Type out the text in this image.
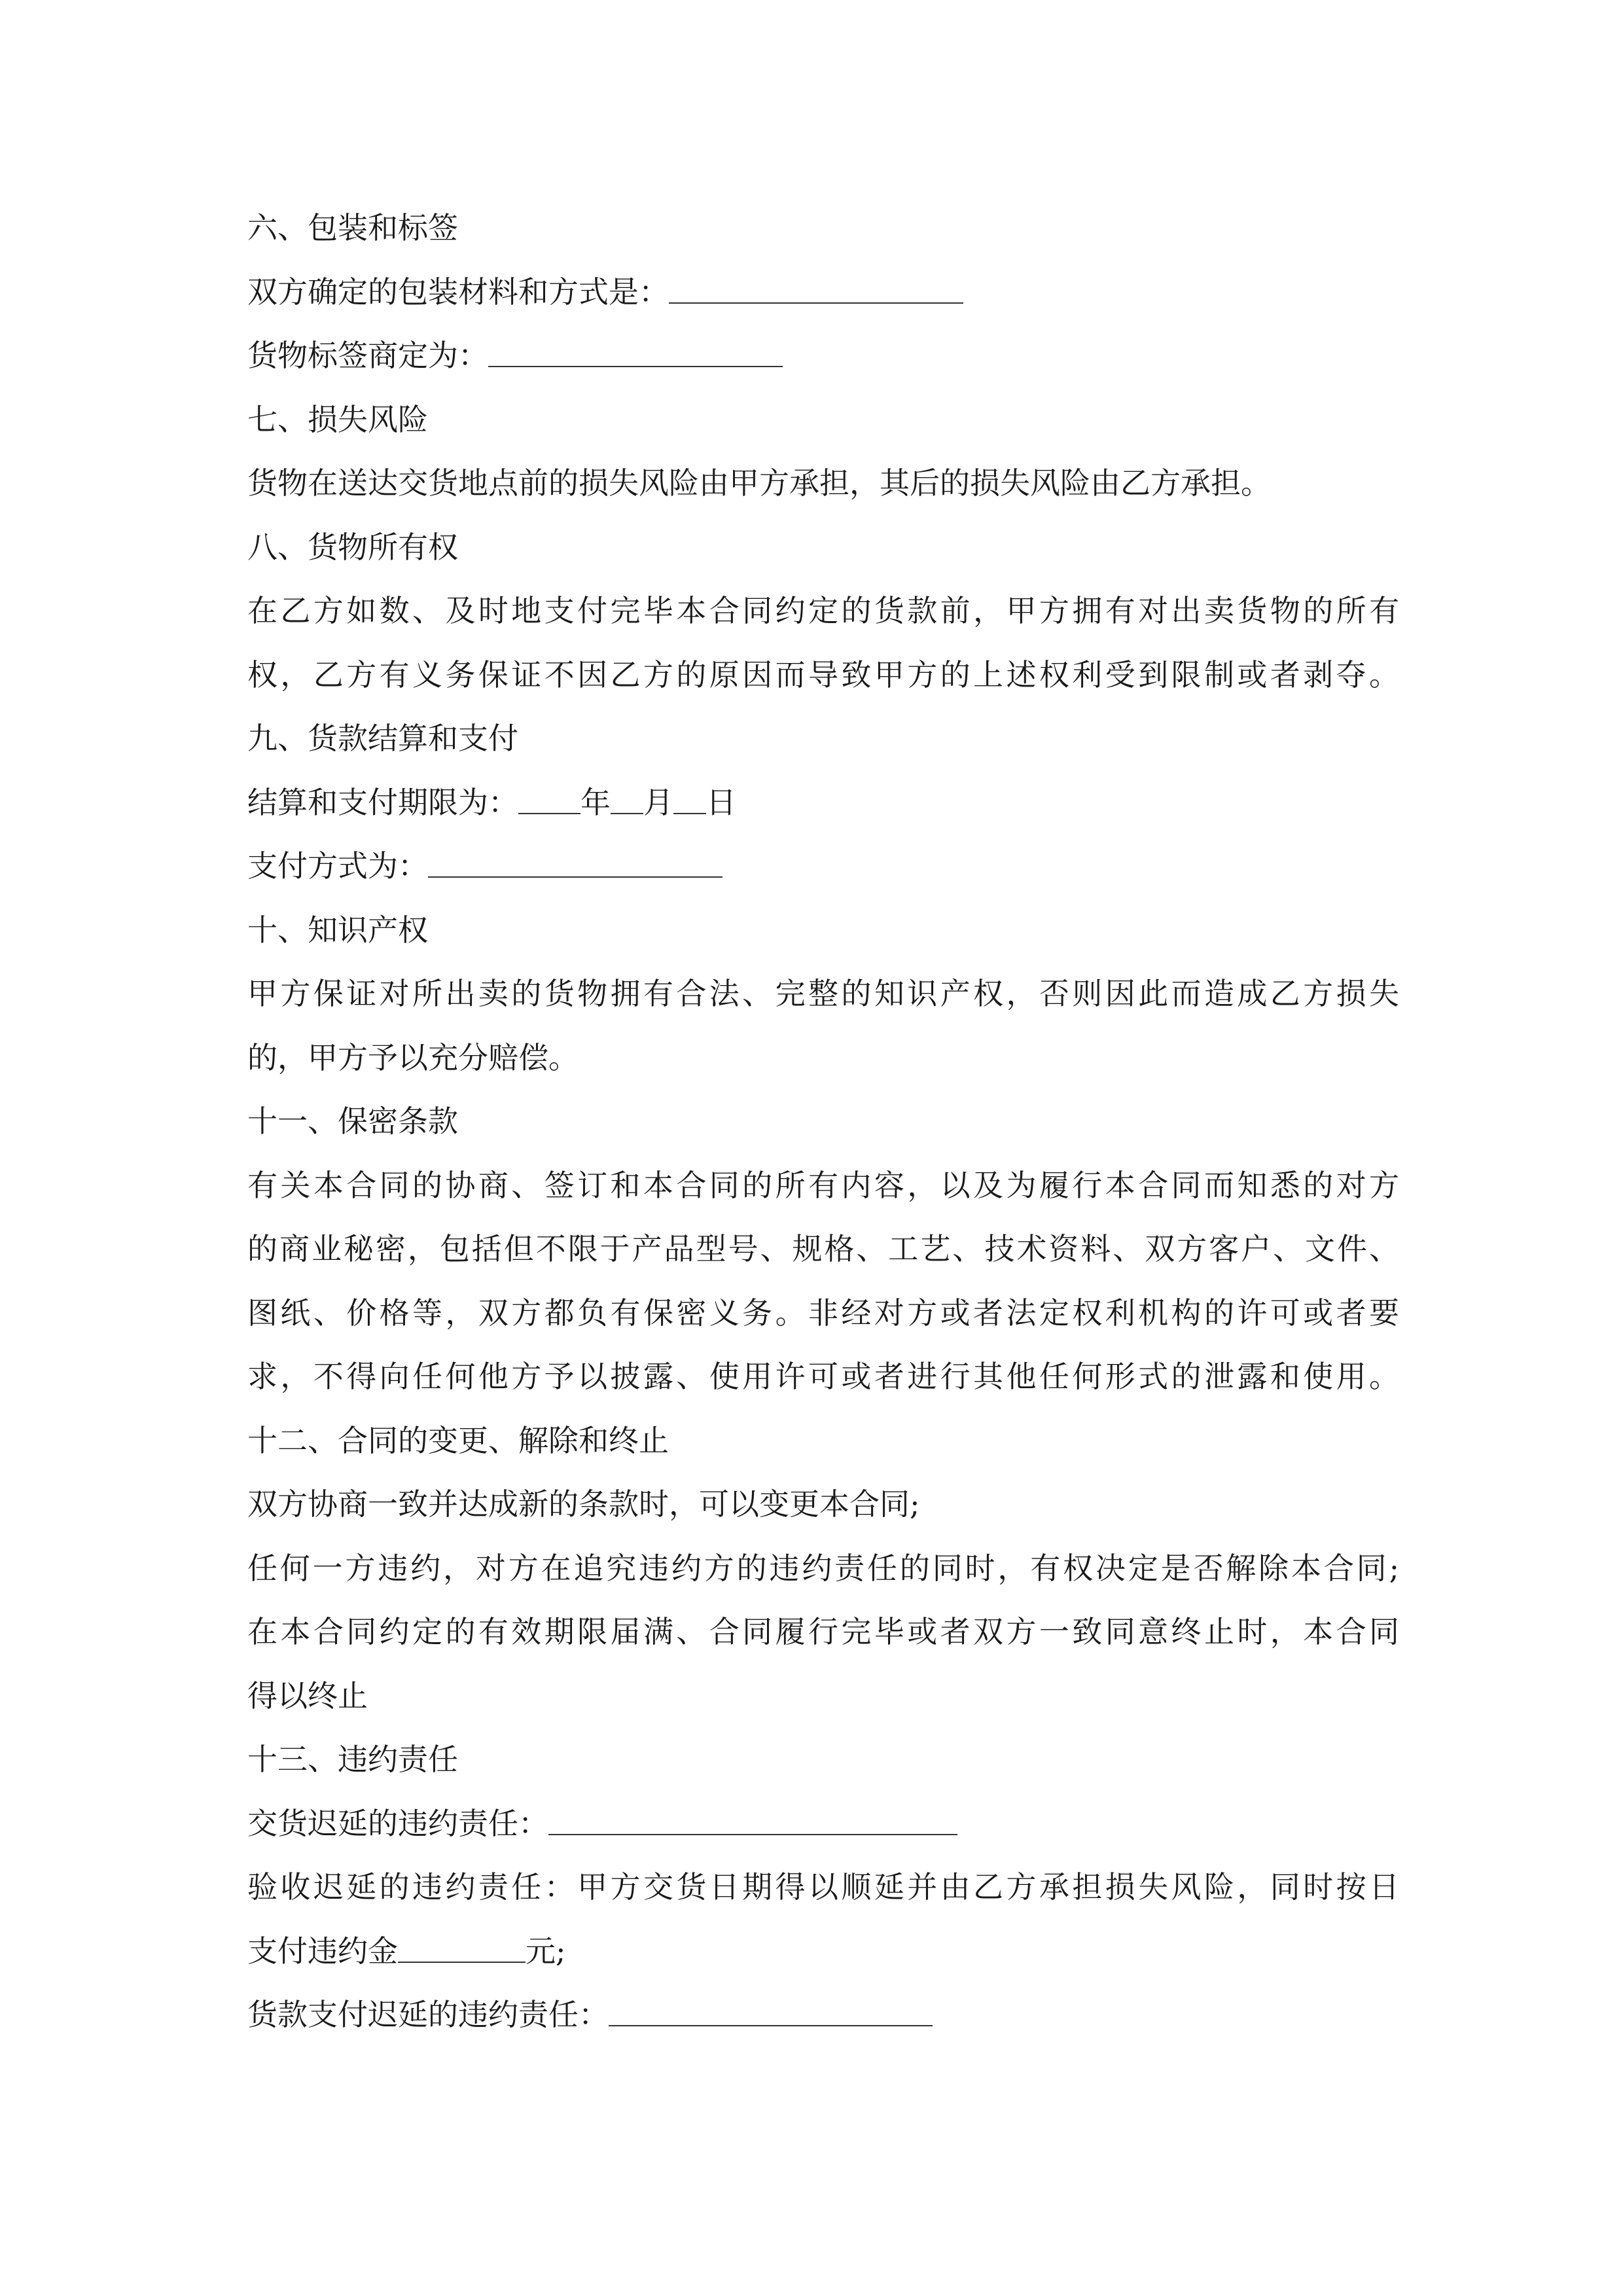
六、包装和标签
双方确定的包装材料和方式是：
货物标签商定为：
七、损失风险
货物在送达交货地点前的损失风险由甲方承担，其后的损失风险由乙方承担。
八、货物所有权
在乙方如数、及时地支付完毕本合同约定的货款前，甲方拥有对出卖货物的所有
权，乙方有义务保证不因乙方的原因而导致甲方的上述权利受到限制或者剥夺。
九、货款结算和支付
结算和支付期限为： 年 月 日
支付方式为：
十、知识产权
甲方保证对所出卖的货物拥有合法、完整的知识产权，否则因此而造成乙方损失
的，甲方予以充分赔偿。
十一、保密条款
有关本合同的协商、签订和本合同的所有内容，以及为履行本合同而知悉的对方
的商业秘密，包括但不限于产品型号、规格、工艺、技术资料、双方客户、文件、
图纸、价格等，双方都负有保密义务。非经对方或者法定权利机构的许可或者要
求，不得向任何他方予以披露、使用许可或者进行其他任何形式的泄露和使用。
十二、合同的变更、解除和终止
双方协商一致并达成新的条款时，可以变更本合同;
任何一方违约，对方在追究违约方的违约责任的同时，有权决定是否解除本合同;
在本合同约定的有效期限届满、合同履行完毕或者双方一致同意终止时，本合同
得以终止
十三、违约责任
交货迟延的违约责任：
验收迟延的违约责任：甲方交货日期得以顺延并由乙方承担损失风险，同时按日
支付违约金	元;
货款支付迟延的违约责任：
